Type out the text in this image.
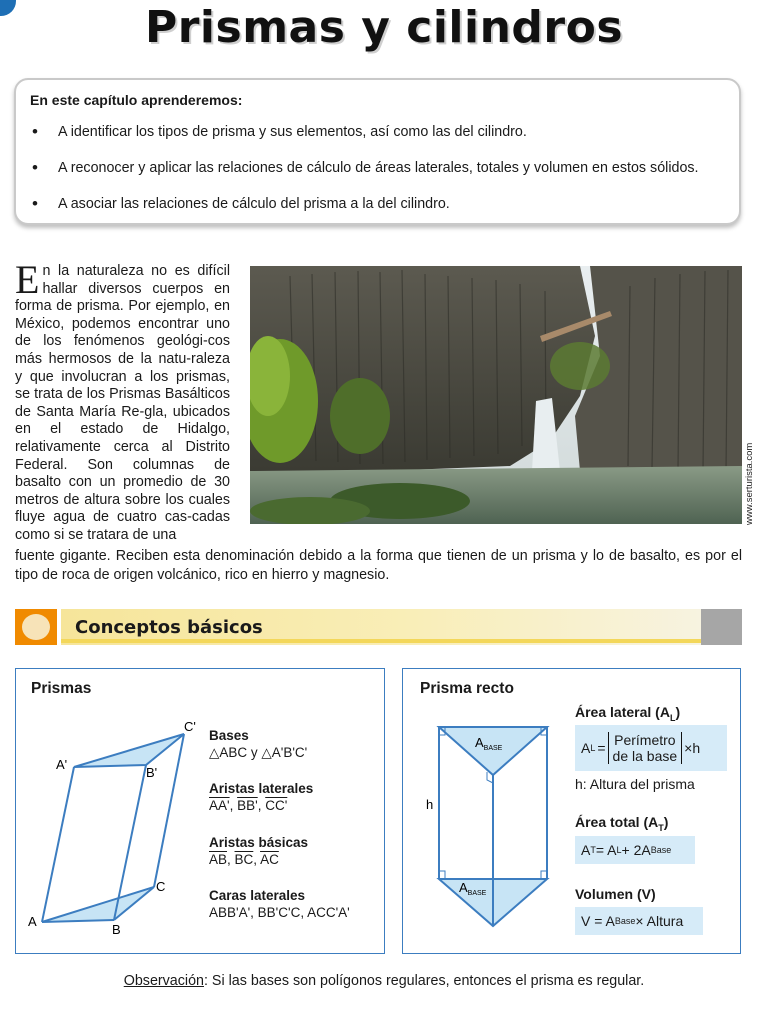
Prismas y cilindros
En este capítulo aprenderemos:
• A identificar los tipos de prisma y sus elementos, así como las del cilindro.
• A reconocer y aplicar las relaciones de cálculo de áreas laterales, totales y volumen en estos sólidos.
• A asociar las relaciones de cálculo del prisma a la del cilindro.
En la naturaleza no es difícil hallar diversos cuerpos en forma de prisma. Por ejemplo, en México, podemos encontrar uno de los fenómenos geológi-cos más hermosos de la natu-raleza y que involucran a los prismas, se trata de los Prismas Basálticos de Santa María Re-gla, ubicados en el estado de Hidalgo, relativamente cerca al Distrito Federal. Son columnas de basalto con un promedio de 30 metros de altura sobre los cuales fluye agua de cuatro cas-cadas como si se tratara de una
fuente gigante. Reciben esta denominación debido a la forma que tienen de un prisma y lo de basalto, es por el tipo de roca de origen volcánico, rico en hierro y magnesio.
www.serturista.com
Conceptos básicos
Prismas
A
B
C
A'
B'
C'
Bases
△ABC y △A'B'C'
Aristas laterales
AA', BB', CC'
Aristas básicas
$\overline{AB}$, $\overline{BC}$, $\overline{AC}$
Caras laterales
ABB'A', BB'C'C, ACC'A'
Prisma recto
$A_{BASE}$
$A_{BASE}$
h
Área lateral $(A_L)$
A L = Perímetro
de la base ×h
h: Altura del prisma
Área total $(A_T)$
A T = A L + 2A Base
Volumen (V)
V = A Base × Altura
Observación: Si las bases son polígonos regulares, entonces el prisma es regular.
